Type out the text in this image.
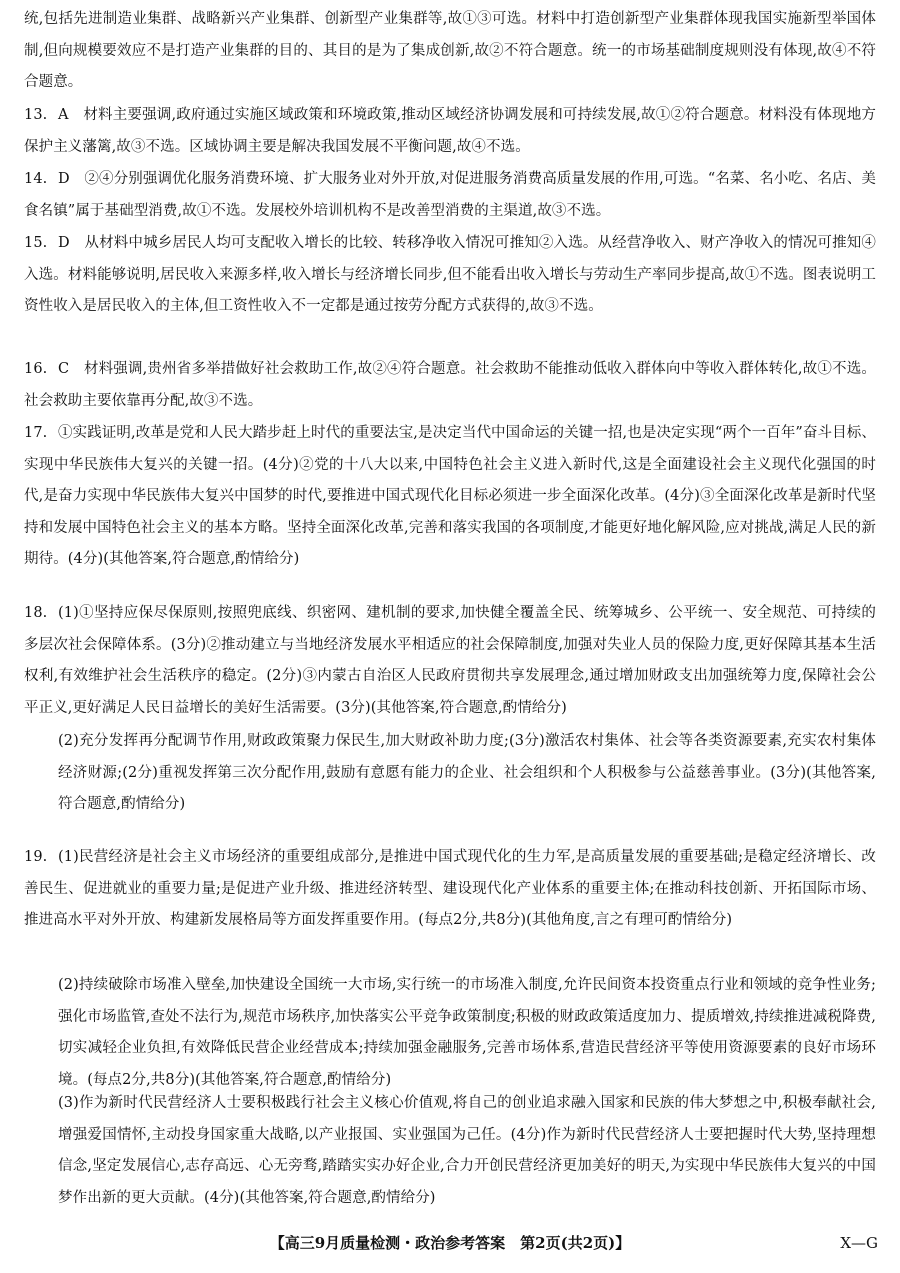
统,包括先进制造业集群、战略新兴产业集群、创新型产业集群等,故①③可选。材料中打造创新型产业集群体现我国实施新型举国体制,但向规模要效应不是打造产业集群的目的、其目的是为了集成创新,故②不符合题意。统一的市场基础制度规则没有体现,故④不符合题意。

13. A　材料主要强调,政府通过实施区域政策和环境政策,推动区域经济协调发展和可持续发展,故①②符合题意。材料没有体现地方保护主义藩篱,故③不选。区域协调主要是解决我国发展不平衡问题,故④不选。

14. D　②④分别强调优化服务消费环境、扩大服务业对外开放,对促进服务消费高质量发展的作用,可选。“名菜、名小吃、名店、美食名镇”属于基础型消费,故①不选。发展校外培训机构不是改善型消费的主渠道,故③不选。

15. D　从材料中城乡居民人均可支配收入增长的比较、转移净收入情况可推知②入选。从经营净收入、财产净收入的情况可推知④入选。材料能够说明,居民收入来源多样,收入增长与经济增长同步,但不能看出收入增长与劳动生产率同步提高,故①不选。图表说明工资性收入是居民收入的主体,但工资性收入不一定都是通过按劳分配方式获得的,故③不选。

16. C　材料强调,贵州省多举措做好社会救助工作,故②④符合题意。社会救助不能推动低收入群体向中等收入群体转化,故①不选。社会救助主要依靠再分配,故③不选。

17. ①实践证明,改革是党和人民大踏步赶上时代的重要法宝,是决定当代中国命运的关键一招,也是决定实现“两个一百年”奋斗目标、实现中华民族伟大复兴的关键一招。(4分)②党的十八大以来,中国特色社会主义进入新时代,这是全面建设社会主义现代化强国的时代,是奋力实现中华民族伟大复兴中国梦的时代,要推进中国式现代化目标必须进一步全面深化改革。(4分)③全面深化改革是新时代坚持和发展中国特色社会主义的基本方略。坚持全面深化改革,完善和落实我国的各项制度,才能更好地化解风险,应对挑战,满足人民的新期待。(4分)(其他答案,符合题意,酌情给分)

18. (1)①坚持应保尽保原则,按照兜底线、织密网、建机制的要求,加快健全覆盖全民、统筹城乡、公平统一、安全规范、可持续的多层次社会保障体系。(3分)②推动建立与当地经济发展水平相适应的社会保障制度,加强对失业人员的保险力度,更好保障其基本生活权利,有效维护社会生活秩序的稳定。(2分)③内蒙古自治区人民政府贯彻共享发展理念,通过增加财政支出加强统筹力度,保障社会公平正义,更好满足人民日益增长的美好生活需要。(3分)(其他答案,符合题意,酌情给分)

(2)充分发挥再分配调节作用,财政政策聚力保民生,加大财政补助力度;(3分)激活农村集体、社会等各类资源要素,充实农村集体经济财源;(2分)重视发挥第三次分配作用,鼓励有意愿有能力的企业、社会组织和个人积极参与公益慈善事业。(3分)(其他答案,符合题意,酌情给分)

19. (1)民营经济是社会主义市场经济的重要组成部分,是推进中国式现代化的生力军,是高质量发展的重要基础;是稳定经济增长、改善民生、促进就业的重要力量;是促进产业升级、推进经济转型、建设现代化产业体系的重要主体;在推动科技创新、开拓国际市场、推进高水平对外开放、构建新发展格局等方面发挥重要作用。(每点2分,共8分)(其他角度,言之有理可酌情给分)

(2)持续破除市场准入壁垒,加快建设全国统一大市场,实行统一的市场准入制度,允许民间资本投资重点行业和领域的竞争性业务;强化市场监管,查处不法行为,规范市场秩序,加快落实公平竞争政策制度;积极的财政政策适度加力、提质增效,持续推进减税降费,切实减轻企业负担,有效降低民营企业经营成本;持续加强金融服务,完善市场体系,营造民营经济平等使用资源要素的良好市场环境。(每点2分,共8分)(其他答案,符合题意,酌情给分)

(3)作为新时代民营经济人士要积极践行社会主义核心价值观,将自己的创业追求融入国家和民族的伟大梦想之中,积极奉献社会,增强爱国情怀,主动投身国家重大战略,以产业报国、实业强国为己任。(4分)作为新时代民营经济人士要把握时代大势,坚持理想信念,坚定发展信心,志存高远、心无旁骛,踏踏实实办好企业,合力开创民营经济更加美好的明天,为实现中华民族伟大复兴的中国梦作出新的更大贡献。(4分)(其他答案,符合题意,酌情给分)

【高三9月质量检测・政治参考答案　第2页(共2页)】	X—G
